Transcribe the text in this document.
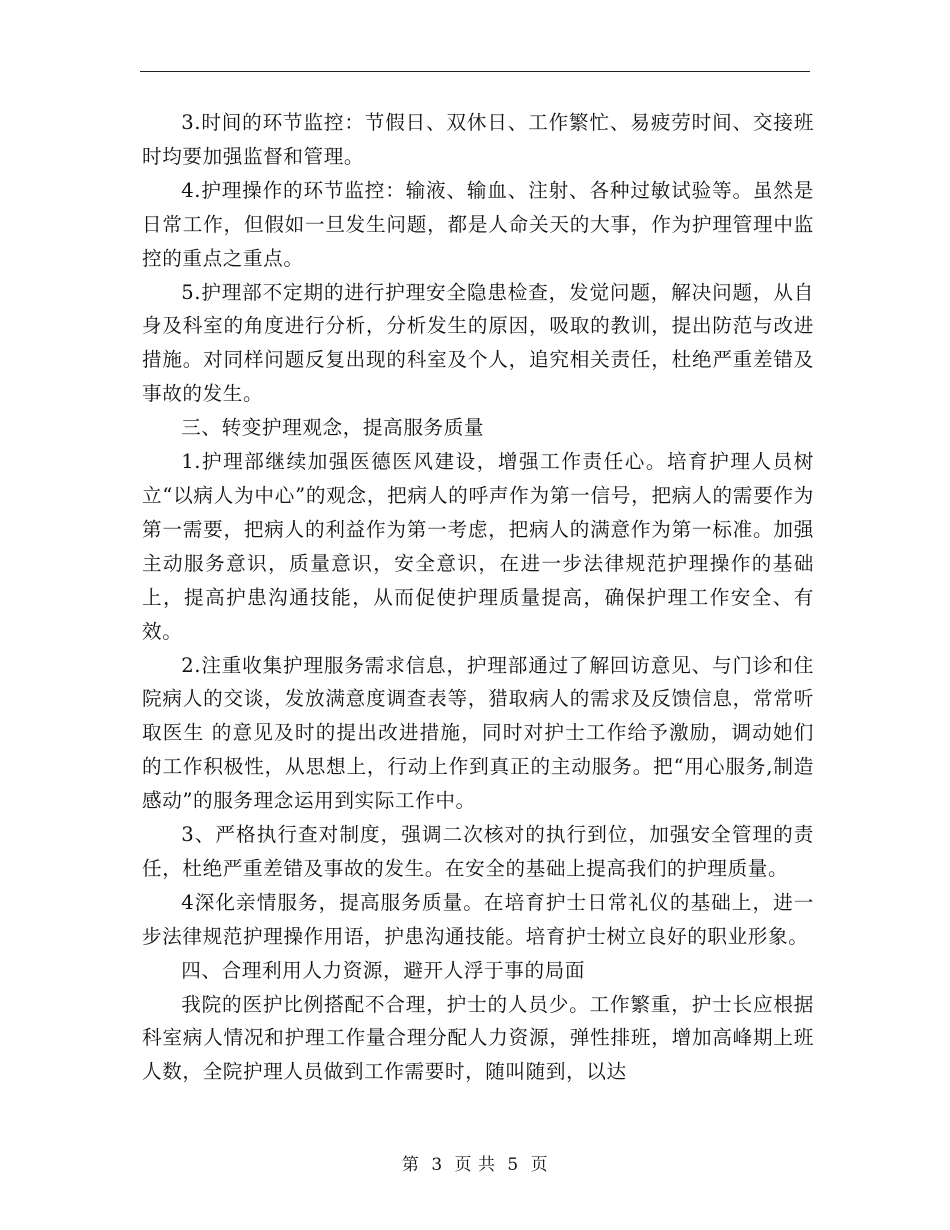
3.时间的环节监控：节假日、双休日、工作繁忙、易疲劳时间、交接班时均要加强监督和管理。

4.护理操作的环节监控：输液、输血、注射、各种过敏试验等。虽然是日常工作，但假如一旦发生问题，都是人命关天的大事，作为护理管理中监控的重点之重点。

5.护理部不定期的进行护理安全隐患检查，发觉问题，解决问题，从自身及科室的角度进行分析，分析发生的原因，吸取的教训，提出防范与改进措施。对同样问题反复出现的科室及个人，追究相关责任，杜绝严重差错及事故的发生。

三、转变护理观念，提高服务质量

1.护理部继续加强医德医风建设，增强工作责任心。培育护理人员树立“以病人为中心”的观念，把病人的呼声作为第一信号，把病人的需要作为第一需要，把病人的利益作为第一考虑，把病人的满意作为第一标准。加强主动服务意识，质量意识，安全意识，在进一步法律规范护理操作的基础上，提高护患沟通技能，从而促使护理质量提高，确保护理工作安全、有效。

2.注重收集护理服务需求信息，护理部通过了解回访意见、与门诊和住院病人的交谈，发放满意度调查表等，猎取病人的需求及反馈信息，常常听取医生 的意见及时的提出改进措施，同时对护士工作给予激励，调动她们的工作积极性，从思想上，行动上作到真正的主动服务。把“用心服务,制造感动”的服务理念运用到实际工作中。

3、严格执行查对制度，强调二次核对的执行到位，加强安全管理的责任，杜绝严重差错及事故的发生。在安全的基础上提高我们的护理质量。

4深化亲情服务，提高服务质量。在培育护士日常礼仪的基础上，进一步法律规范护理操作用语，护患沟通技能。培育护士树立良好的职业形象。

四、合理利用人力资源，避开人浮于事的局面

我院的医护比例搭配不合理，护士的人员少。工作繁重，护士长应根据科室病人情况和护理工作量合理分配人力资源，弹性排班，增加高峰期上班人数，全院护理人员做到工作需要时，随叫随到，以达

第 3 页 共 5 页
